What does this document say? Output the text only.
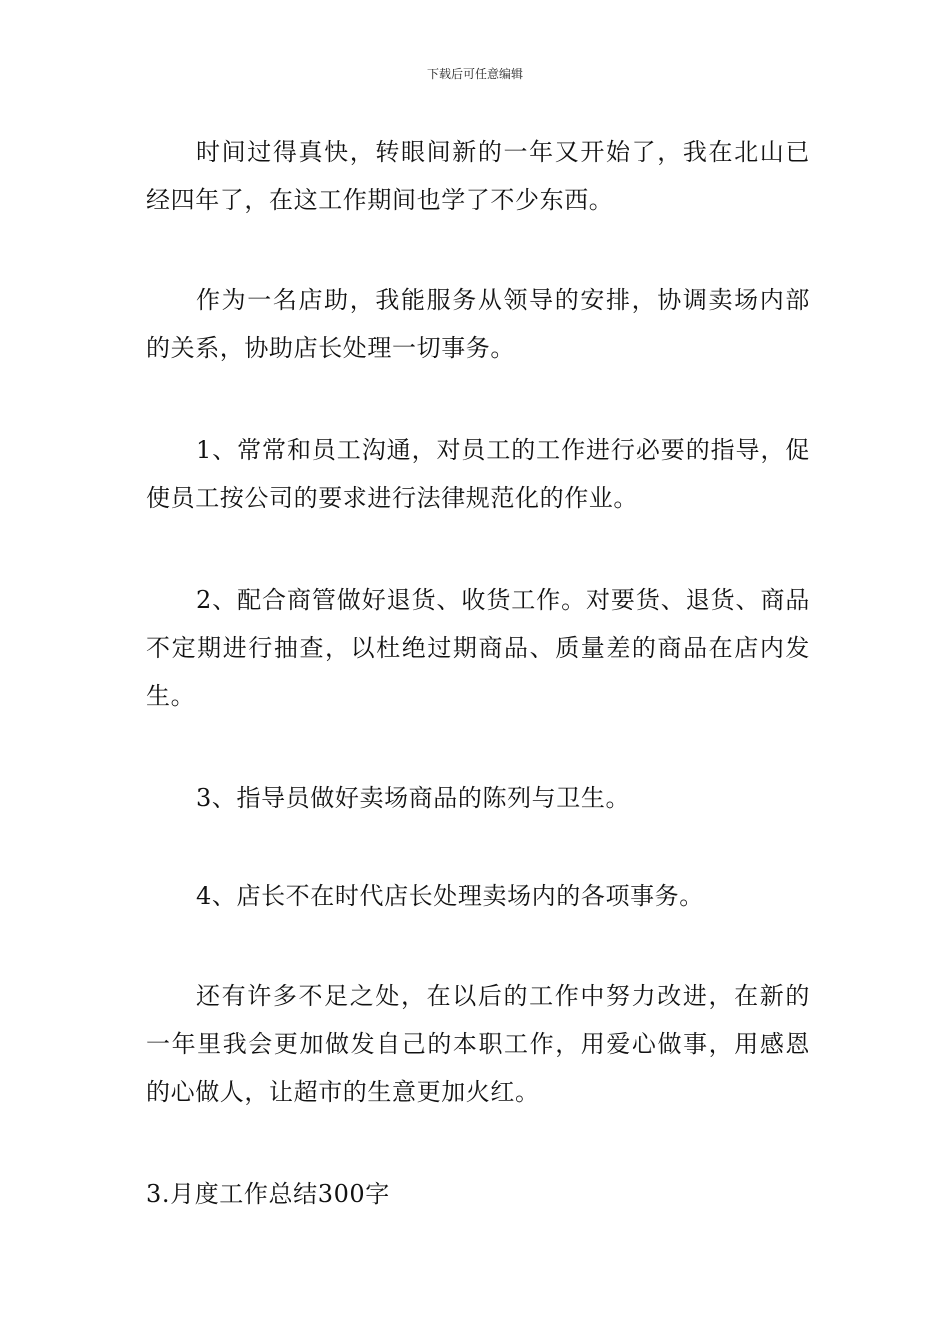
下载后可任意编辑

时间过得真快，转眼间新的一年又开始了，我在北山已经四年了，在这工作期间也学了不少东西。

作为一名店助，我能服务从领导的安排，协调卖场内部的关系，协助店长处理一切事务。

1、常常和员工沟通，对员工的工作进行必要的指导，促使员工按公司的要求进行法律规范化的作业。

2、配合商管做好退货、收货工作。对要货、退货、商品不定期进行抽查，以杜绝过期商品、质量差的商品在店内发生。

3、指导员做好卖场商品的陈列与卫生。

4、店长不在时代店长处理卖场内的各项事务。

还有许多不足之处，在以后的工作中努力改进，在新的一年里我会更加做发自己的本职工作，用爱心做事，用感恩的心做人，让超市的生意更加火红。

3.月度工作总结300字
